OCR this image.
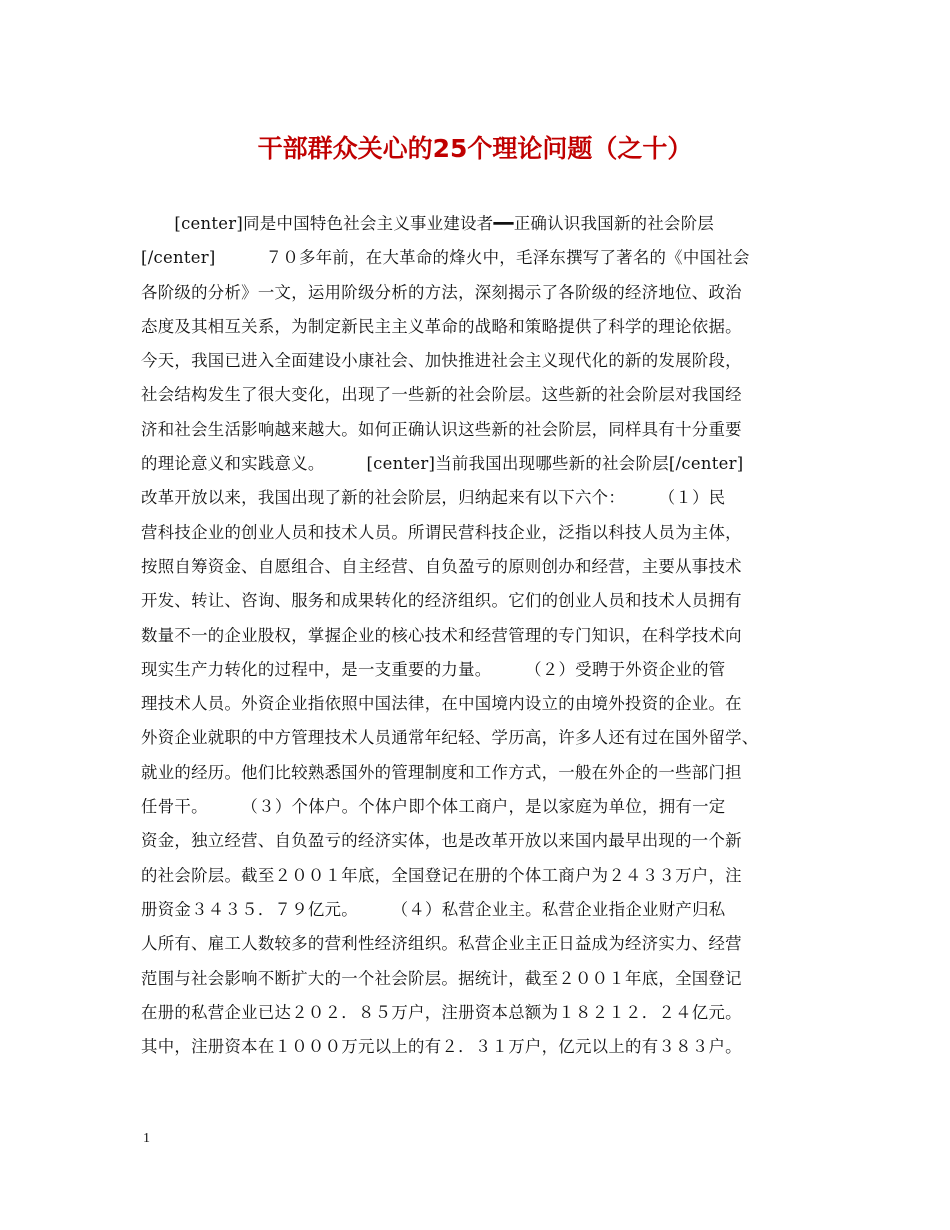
干部群众关心的25个理论问题（之十）
　　[center]同是中国特色社会主义事业建设者━━正确认识我国新的社会阶层
[/center]　　　７０多年前，在大革命的烽火中，毛泽东撰写了著名的《中国社会
各阶级的分析》一文，运用阶级分析的方法，深刻揭示了各阶级的经济地位、政治
态度及其相互关系，为制定新民主主义革命的战略和策略提供了科学的理论依据。
今天，我国已进入全面建设小康社会、加快推进社会主义现代化的新的发展阶段，
社会结构发生了很大变化，出现了一些新的社会阶层。这些新的社会阶层对我国经
济和社会生活影响越来越大。如何正确认识这些新的社会阶层，同样具有十分重要
的理论意义和实践意义。　　　[center]当前我国出现哪些新的社会阶层[/center]
改革开放以来，我国出现了新的社会阶层，归纳起来有以下六个：　　　（１）民
营科技企业的创业人员和技术人员。所谓民营科技企业，泛指以科技人员为主体，
按照自筹资金、自愿组合、自主经营、自负盈亏的原则创办和经营，主要从事技术
开发、转让、咨询、服务和成果转化的经济组织。它们的创业人员和技术人员拥有
数量不一的企业股权，掌握企业的核心技术和经营管理的专门知识，在科学技术向
现实生产力转化的过程中，是一支重要的力量。　　　（２）受聘于外资企业的管
理技术人员。外资企业指依照中国法律，在中国境内设立的由境外投资的企业。在
外资企业就职的中方管理技术人员通常年纪轻、学历高，许多人还有过在国外留学、
就业的经历。他们比较熟悉国外的管理制度和工作方式，一般在外企的一些部门担
任骨干。　　　（３）个体户。个体户即个体工商户，是以家庭为单位，拥有一定
资金，独立经营、自负盈亏的经济实体，也是改革开放以来国内最早出现的一个新
的社会阶层。截至２００１年底，全国登记在册的个体工商户为２４３３万户，注
册资金３４３５．７９亿元。　　　（４）私营企业主。私营企业指企业财产归私
人所有、雇工人数较多的营利性经济组织。私营企业主正日益成为经济实力、经营
范围与社会影响不断扩大的一个社会阶层。据统计，截至２００１年底，全国登记
在册的私营企业已达２０２．８５万户，注册资本总额为１８２１２．２４亿元。
其中，注册资本在１０００万元以上的有２．３１万户，亿元以上的有３８３户。
1
